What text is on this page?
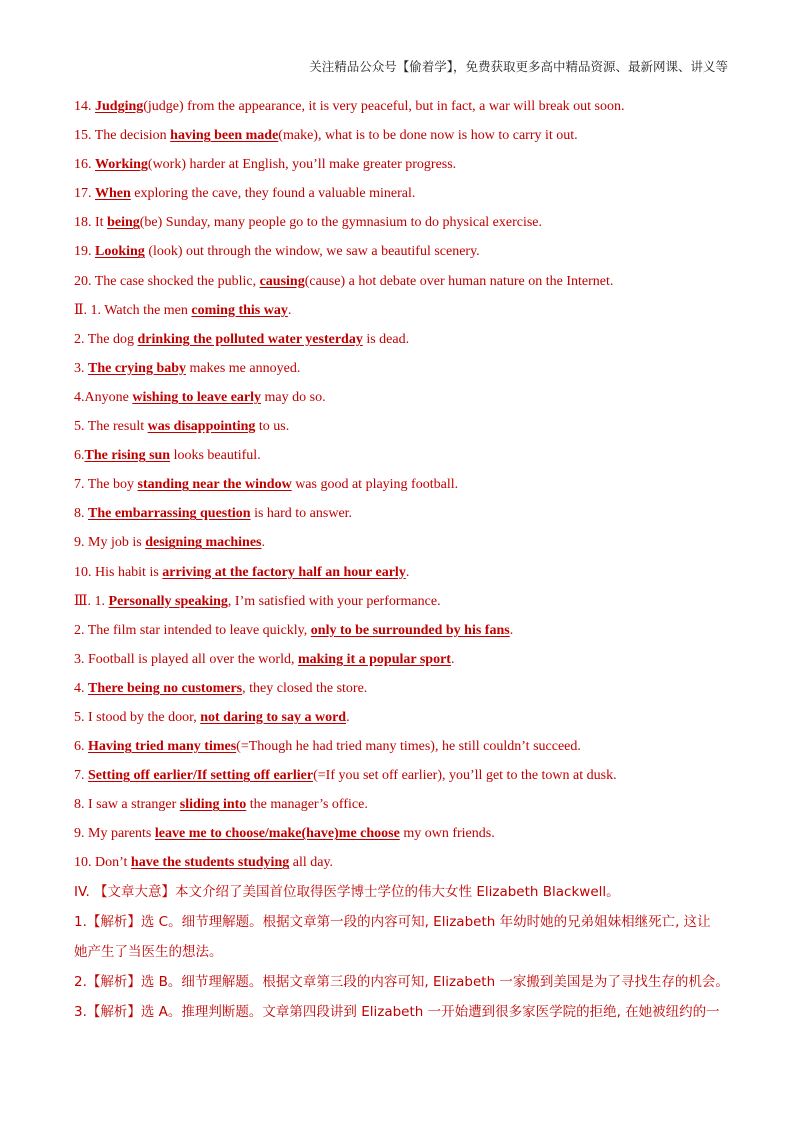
关注精品公众号【偷着学】，免费获取更多高中精品资源、最新网课、讲义等
14. Judging(judge) from the appearance, it is very peaceful, but in fact, a war will break out soon.
15. The decision having been made(make), what is to be done now is how to carry it out.
16. Working(work) harder at English, you’ll make greater progress.
17. When exploring the cave, they found a valuable mineral.
18. It being(be) Sunday, many people go to the gymnasium to do physical exercise.
19. Looking (look) out through the window, we saw a beautiful scenery.
20. The case shocked the public, causing(cause) a hot debate over human nature on the Internet.
Ⅱ. 1. Watch the men coming this way.
2. The dog drinking the polluted water yesterday is dead.
3. The crying baby makes me annoyed.
4.Anyone wishing to leave early may do so.
5. The result was disappointing to us.
6.The rising sun looks beautiful.
7. The boy standing near the window was good at playing football.
8. The embarrassing question is hard to answer.
9. My job is designing machines.
10. His habit is arriving at the factory half an hour early.
Ⅲ. 1. Personally speaking, I’m satisfied with your performance.
2. The film star intended to leave quickly, only to be surrounded by his fans.
3. Football is played all over the world, making it a popular sport.
4. There being no customers, they closed the store.
5. I stood by the door, not daring to say a word.
6. Having tried many times(=Though he had tried many times), he still couldn’t succeed.
7. Setting off earlier/If setting off earlier(=If you set off earlier), you’ll get to the town at dusk.
8. I saw a stranger sliding into the manager’s office.
9. My parents leave me to choose/make(have)me choose my own friends.
10. Don’t have the students studying all day.
ⅠV. 【文章大意】本文介绍了美国首位取得医学博士学位的伟大女性 Elizabeth Blackwell。
1.【解析】选 C。细节理解题。根据文章第一段的内容可知, Elizabeth 年幼时她的兄弟姐妹相继死亡, 这让
她产生了当医生的想法。
2.【解析】选 B。细节理解题。根据文章第三段的内容可知, Elizabeth 一家搬到美国是为了寻找生存的机会。
3.【解析】选 A。推理判断题。文章第四段讲到 Elizabeth 一开始遭到很多家医学院的拒绝, 在她被纽约的一
